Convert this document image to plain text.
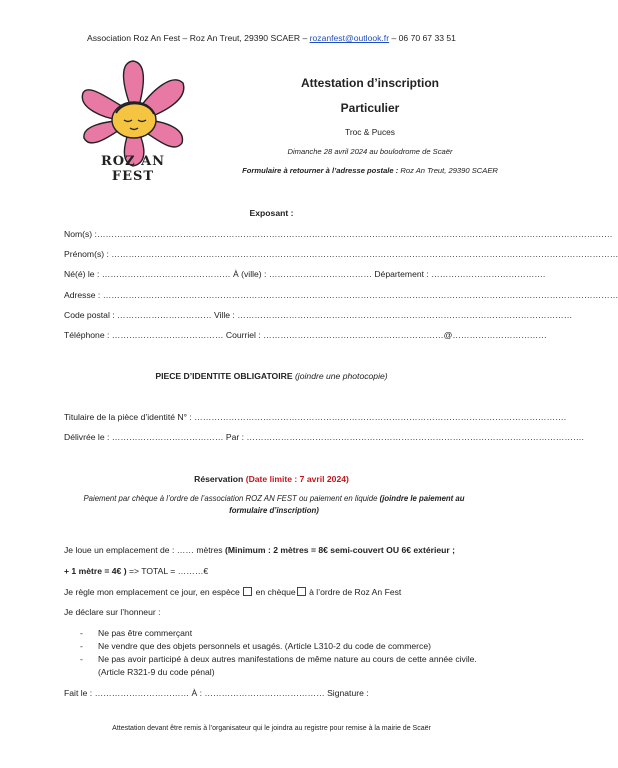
Association Roz An Fest – Roz An Treut, 29390 SCAER – rozanfest@outlook.fr – 06 70 67 33 51
ROZ AN FEST
Attestation d’inscription
Particulier
Troc & Puces
Dimanche 28 avril 2024 au boulodrome de Scaër
Formulaire à retourner à l’adresse postale : Roz An Treut, 29390 SCAER
Exposant :
Nom(s) :………………………………………………………………………………………………………………………………………………………………
Prénom(s) : ……………………………………………………………………………………………………………………………………………………………
Né(é) le : ……………………………………… À (ville) : ……………………………… Département : ………………………………….
Adresse : ………………………………………………………………………………………………………………………………………………………………
Code postal : …………………………… Ville : ………………………………………………………………………………………………………
Téléphone : ………………………………… Courriel : ………………………………………………………@……………………………
PIECE D’IDENTITE OBLIGATOIRE (joindre une photocopie)
Titulaire de la pièce d’identité N° : ………………………………………………………………………………………………………………….
Délivrée le : ………………………………… Par : ……………………………………………………………………………………………………….
Réservation (Date limite : 7 avril 2024)
Paiement par chèque à l’ordre de l’association ROZ AN FEST ou paiement en liquide (joindre le paiement au formulaire d’inscription)
Je loue un emplacement de : …… mètres (Minimum : 2 mètres = 8€ semi-couvert OU 6€ extérieur ;
+ 1 mètre = 4€ ) => TOTAL = ………€
Je règle mon emplacement ce jour, en espèce  en chèque à l’ordre de Roz An Fest
Je déclare sur l’honneur :
- Ne pas être commerçant
- Ne vendre que des objets personnels et usagés. (Article L310-2 du code de commerce)
- Ne pas avoir participé à deux autres manifestations de même nature au cours de cette année civile. (Article R321-9 du code pénal)
Fait le : …………………………… À : …………………………………… Signature :
Attestation devant être remis à l’organisateur qui le joindra au registre pour remise à la mairie de Scaër
